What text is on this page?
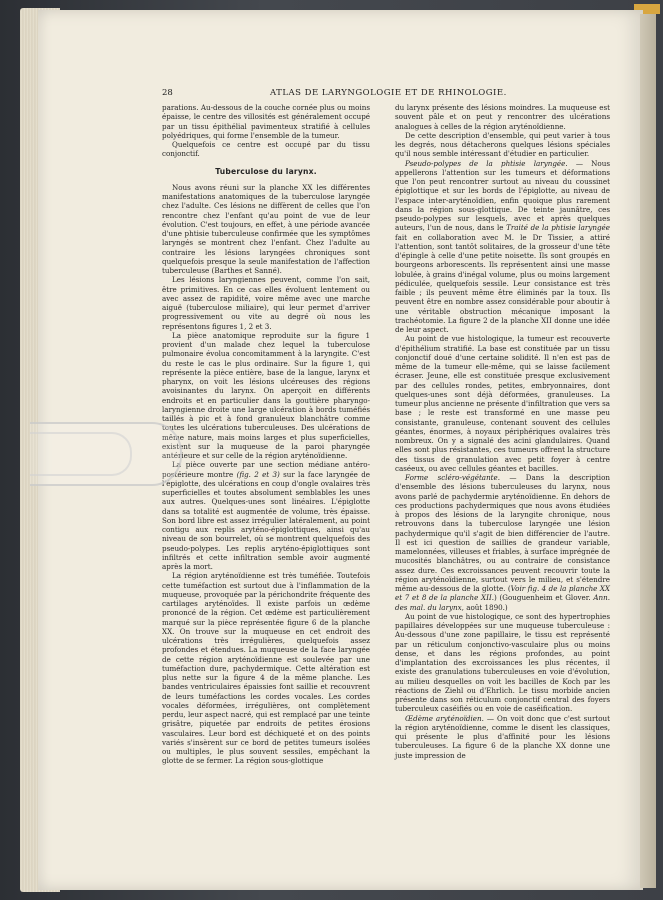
28	ATLAS DE LARYNGOLOGIE ET DE RHINOLOGIE.

parations. Au-dessous de la couche cornée plus ou moins épaisse, le centre des villosités est généralement occupé par un tissu épithélial pavimenteux stratifié à cellules polyédriques, qui forme l'ensemble de la tumeur.

Quelquefois ce centre est occupé par du tissu conjonctif.

Tuberculose du larynx.

Nous avons réuni sur la planche XX les différentes manifestations anatomiques de la tuberculose laryngée chez l'adulte. Ces lésions ne diffèrent de celles que l'on rencontre chez l'enfant qu'au point de vue de leur évolution. C'est toujours, en effet, à une période avancée d'une phtisie tuberculeuse confirmée que les symptômes laryngés se montrent chez l'enfant. Chez l'adulte au contraire les lésions laryngées chroniques sont quelquefois presque la seule manifestation de l'affection tuberculeuse (Barthes et Sanné).

Les lésions laryngiennes peuvent, comme l'on sait, être primitives. En ce cas elles évoluent lentement ou avec assez de rapidité, voire même avec une marche aiguë (tuberculose miliaire), qui leur permet d'arriver progressivement ou vite au degré où nous les représentons figures 1, 2 et 3.

La pièce anatomique reproduite sur la figure 1 provient d'un malade chez lequel la tuberculose pulmonaire évolua concomitamment à la laryngite. C'est du reste le cas le plus ordinaire. Sur la figure 1, qui représente la pièce entière, base de la langue, larynx et pharynx, on voit les lésions ulcéreuses des régions avoisinantes du larynx. On aperçoit en différents endroits et en particulier dans la gouttière pharyngo-laryngienne droite une large ulcération à bords tuméfiés taillés à pic et à fond granuleux blanchâtre comme toutes les ulcérations tuberculeuses. Des ulcérations de même nature, mais moins larges et plus superficielles, existent sur la muqueuse de la paroi pharyngée antérieure et sur celle de la région aryténoïdienne.

La pièce ouverte par une section médiane antéro-postérieure montre (fig. 2 et 3) sur la face laryngée de l'épiglotte, des ulcérations en coup d'ongle ovalaires très superficielles et toutes absolument semblables les unes aux autres. Quelques-unes sont linéaires. L'épiglotte dans sa totalité est augmentée de volume, très épaisse. Son bord libre est assez irrégulier latéralement, au point contigu aux replis aryténo-épiglottiques, ainsi qu'au niveau de son bourrelet, où se montrent quelquefois des pseudo-polypes. Les replis aryténo-épiglottiques sont infiltrés et cette infiltration semble avoir augmenté après la mort.

La région aryténoïdienne est très tuméfiée. Toutefois cette tuméfaction est surtout due à l'inflammation de la muqueuse, provoquée par la périchondrite fréquente des cartilages aryténoïdes. Il existe parfois un œdème prononcé de la région. Cet œdème est particulièrement marqué sur la pièce représentée figure 6 de la planche XX. On trouve sur la muqueuse en cet endroit des ulcérations très irrégulières, quelquefois assez profondes et étendues. La muqueuse de la face laryngée de cette région aryténoïdienne est soulevée par une tuméfaction dure, pachydermique. Cette altération est plus nette sur la figure 4 de la même planche. Les bandes ventriculaires épaissies font saillie et recouvrent de leurs tuméfactions les cordes vocales. Les cordes vocales déformées, irrégulières, ont complètement perdu, leur aspect nacré, qui est remplacé par une teinte grisâtre, piquetée par endroits de petites érosions vasculaires. Leur bord est déchiqueté et on des points variés s'insèrent sur ce bord de petites tumeurs isolées ou multiples, le plus souvent sessiles, empêchant la glotte de se fermer. La région sous-glottique

du larynx présente des lésions moindres. La muqueuse est souvent pâle et on peut y rencontrer des ulcérations analogues à celles de la région aryténoïdienne.

De cette description d'ensemble, qui peut varier à tous les degrés, nous détacherons quelques lésions spéciales qu'il nous semble intéressant d'étudier en particulier.

Pseudo-polypes de la phtisie laryngée. — Nous appellerons l'attention sur les tumeurs et déformations que l'on peut rencontrer surtout au niveau du coussinet épiglottique et sur les bords de l'épiglotte, au niveau de l'espace inter-aryténoïdien, enfin quoique plus rarement dans la région sous-glottique. De teinte jaunâtre, ces pseudo-polypes sur lesquels, avec et après quelques auteurs, l'un de nous, dans le Traité de la phtisie laryngée fait en collaboration avec M. le Dr Tissier, a attiré l'attention, sont tantôt solitaires, de la grosseur d'une tête d'épingle à celle d'une petite noisette. Ils sont groupés en bourgeons arborescents. Ils représentent ainsi une masse lobulée, à grains d'inégal volume, plus ou moins largement pédiculée, quelquefois sessile. Leur consistance est très faible ; ils peuvent même être éliminés par la toux. Ils peuvent être en nombre assez considérable pour aboutir à une véritable obstruction mécanique imposant la trachéotomie. La figure 2 de la planche XII donne une idée de leur aspect.

Au point de vue histologique, la tumeur est recouverte d'épithélium stratifié. La base est constituée par un tissu conjonctif doué d'une certaine solidité. Il n'en est pas de même de la tumeur elle-même, qui se laisse facilement écraser. Jeune, elle est constituée presque exclusivement par des cellules rondes, petites, embryonnaires, dont quelques-unes sont déjà déformées, granuleuses. La tumeur plus ancienne ne présente d'infiltration que vers sa base ; le reste est transformé en une masse peu consistante, granuleuse, contenant souvent des cellules géantes, énormes, à noyaux périphériques ovalaires très nombreux. On y a signalé des acini glandulaires. Quand elles sont plus résistantes, ces tumeurs offrent la structure des tissus de granulation avec petit foyer à centre caséeux, ou avec cellules géantes et bacilles.

Forme scléro-végétante. — Dans la description d'ensemble des lésions tuberculeuses du larynx, nous avons parlé de pachydermie aryténoïdienne. En dehors de ces productions pachydermiques que nous avons étudiées à propos des lésions de la laryngite chronique, nous retrouvons dans la tuberculose laryngée une lésion pachydermique qu'il s'agit de bien différencier de l'autre. Il est ici question de saillies de grandeur variable, mamelonnées, villeuses et friables, à surface imprégnée de mucosités blanchâtres, ou au contraire de consistance assez dure. Ces excroissances peuvent recouvrir toute la région aryténoïdienne, surtout vers le milieu, et s'étendre même au-dessous de la glotte. (Voir fig. 4 de la planche XX et 7 et 8 de la planche XII.) (Gouguenheim et Glover. Ann. des mal. du larynx, août 1890.)

Au point de vue histologique, ce sont des hypertrophies papillaires développées sur une muqueuse tuberculeuse : Au-dessous d'une zone papillaire, le tissu est représenté par un réticulum conjonctivo-vasculaire plus ou moins dense, et dans les régions profondes, au point d'implantation des excroissances les plus récentes, il existe des granulations tuberculeuses en voie d'évolution, au milieu desquelles on voit les bacilles de Koch par les réactions de Ziehl ou d'Ehrlich. Le tissu morbide ancien présente dans son réticulum conjonctif central des foyers tuberculeux caséifiés ou en voie de caséification.

Œdème aryténoïdien. — On voit donc que c'est surtout la région aryténoïdienne, comme le disent les classiques, qui présente le plus d'affinité pour les lésions tuberculeuses. La figure 6 de la planche XX donne une juste impression de
